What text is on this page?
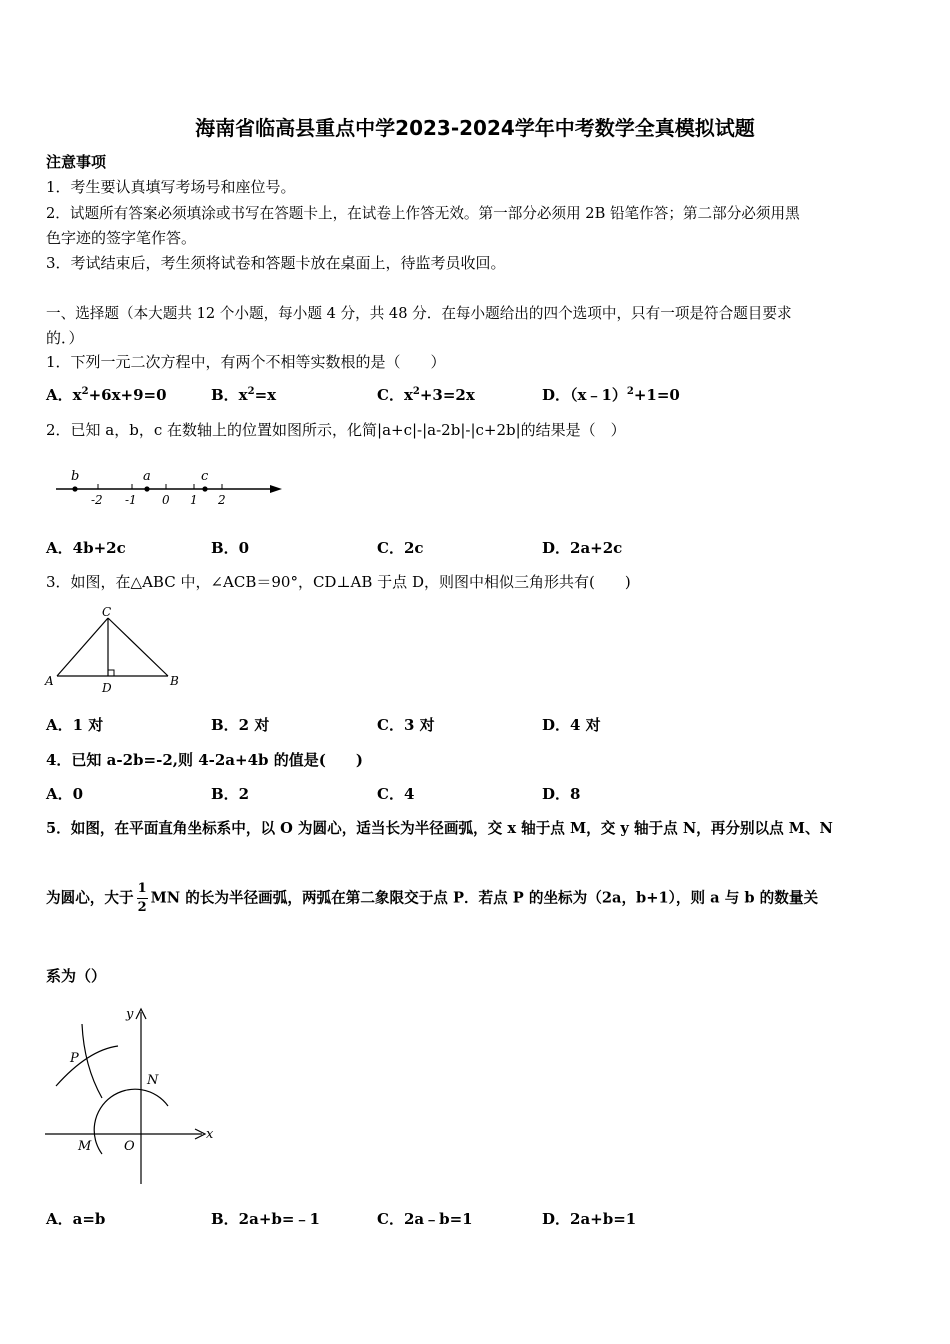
海南省临高县重点中学2023-2024学年中考数学全真模拟试题
注意事项
1．考生要认真填写考场号和座位号。
2．试题所有答案必须填涂或书写在答题卡上，在试卷上作答无效。第一部分必须用 2B 铅笔作答；第二部分必须用黑
色字迹的签字笔作答。
3．考试结束后，考生须将试卷和答题卡放在桌面上，待监考员收回。
一、选择题（本大题共 12 个小题，每小题 4 分，共 48 分．在每小题给出的四个选项中，只有一项是符合题目要求
的．）
1．下列一元二次方程中，有两个不相等实数根的是（　　）
A．$x^2+6x+9=0$	B．$x^2=x$	C．$x^2+3=2x$	D．（x﹣1）$^2$+1=0
2．已知 a，b，c 在数轴上的位置如图所示，化简|a+c|-|a-2b|-|c+2b|的结果是（　）
b	a	c
-2 -1 0 1 2
A．4b+2c	B．0	C．2c	D．2a+2c
3．如图，在△ABC 中，∠ACB＝90°，CD⊥AB 于点 D，则图中相似三角形共有(　　)
C
A	B
D
A．1 对	B．2 对	C．3 对	D．4 对
4．已知 a-2b=-2,则 4-2a+4b 的值是(　　)
A．0	B．2	C．4	D．8
5．如图，在平面直角坐标系中，以 O 为圆心，适当长为半径画弧，交 x 轴于点 M，交 y 轴于点 N，再分别以点 M、N
为圆心，大于 $\frac{1}{2}$ MN 的长为半径画弧，两弧在第二象限交于点 P．若点 P 的坐标为（2a，b+1），则 a 与 b 的数量关
系为（）
x
y
P
N
M	O
A．a=b	B．2a+b=﹣1	C．2a﹣b=1	D．2a+b=1
